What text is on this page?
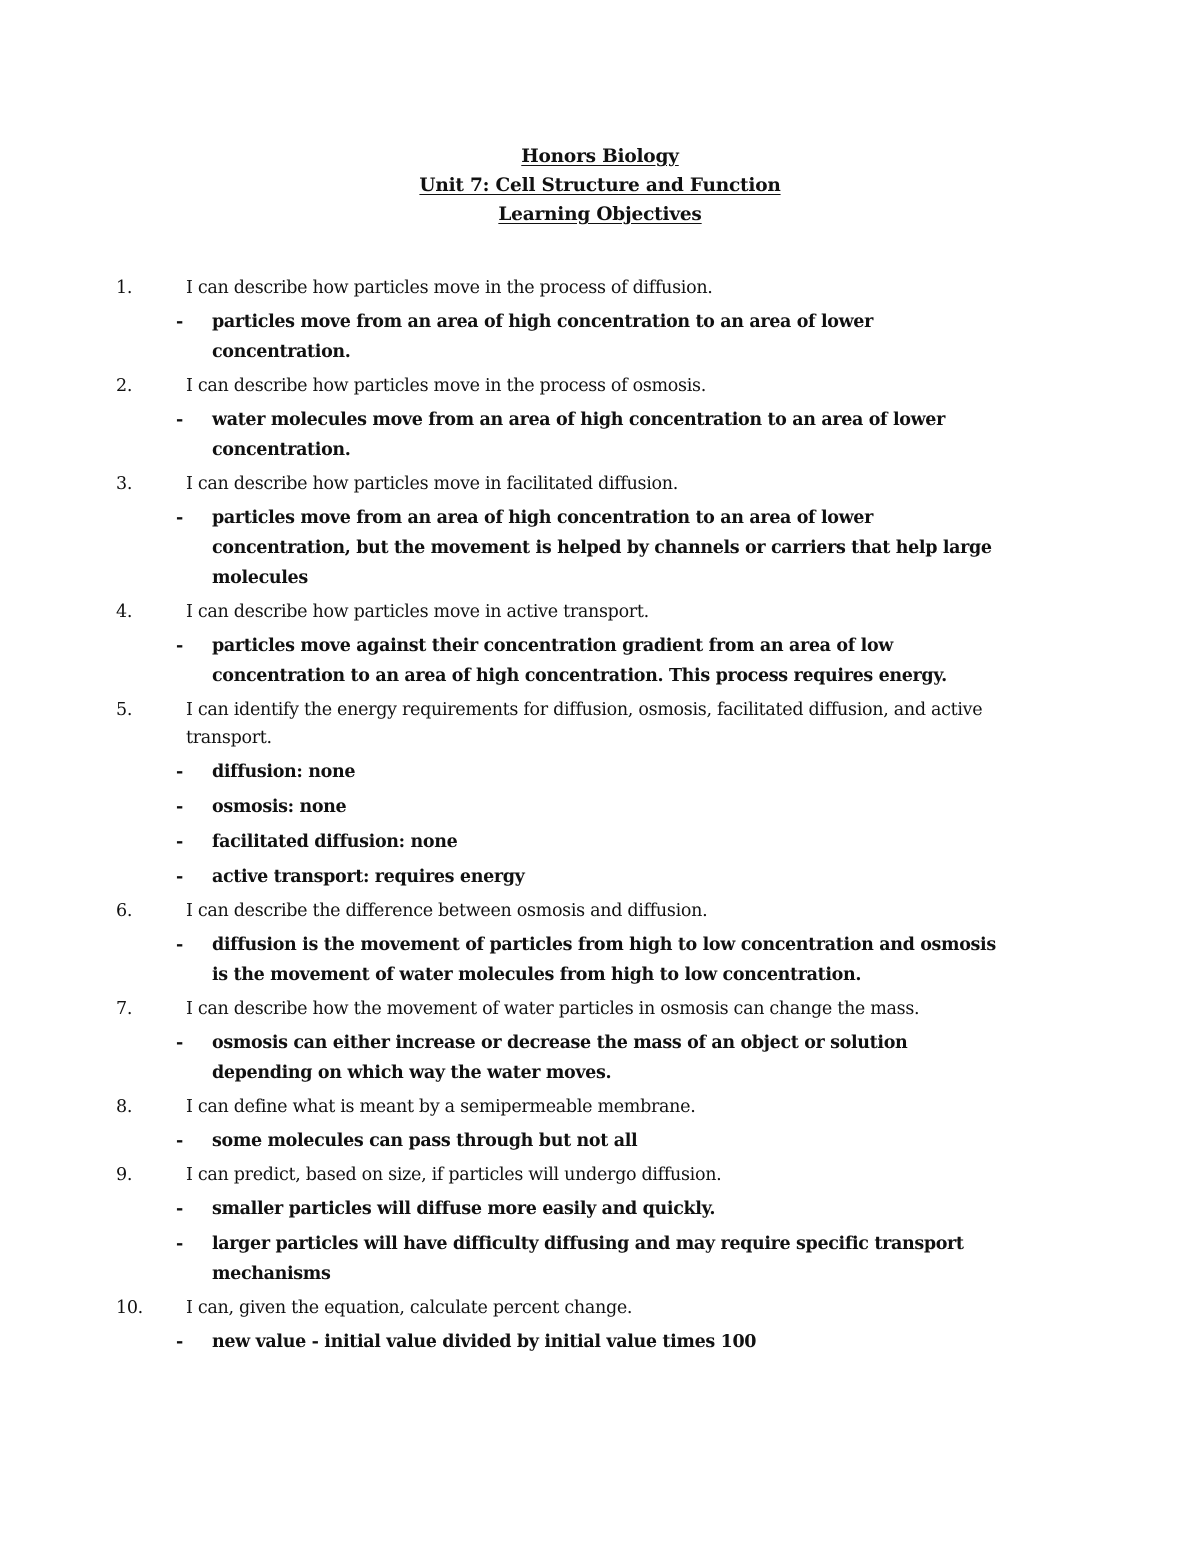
Honors Biology
Unit 7: Cell Structure and Function
Learning Objectives
1.	I can describe how particles move in the process of diffusion.
-	particles move from an area of high concentration to an area of lower concentration.
2.	I can describe how particles move in the process of osmosis.
-	water molecules move from an area of high concentration to an area of lower concentration.
3.	I can describe how particles move in facilitated diffusion.
-	particles move from an area of high concentration to an area of lower concentration, but the movement is helped by channels or carriers that help large molecules
4.	I can describe how particles move in active transport.
-	particles move against their concentration gradient from an area of low concentration to an area of high concentration. This process requires energy.
5.	I can identify the energy requirements for diffusion, osmosis, facilitated diffusion, and active transport.
-	diffusion: none
-	osmosis: none
-	facilitated diffusion: none
-	active transport: requires energy
6.	I can describe the difference between osmosis and diffusion.
-	diffusion is the movement of particles from high to low concentration and osmosis is the movement of water molecules from high to low concentration.
7.	I can describe how the movement of water particles in osmosis can change the mass.
-	osmosis can either increase or decrease the mass of an object or solution depending on which way the water moves.
8.	I can define what is meant by a semipermeable membrane.
-	some molecules can pass through but not all
9.	I can predict, based on size, if particles will undergo diffusion.
-	smaller particles will diffuse more easily and quickly.
-	larger particles will have difficulty diffusing and may require specific transport mechanisms
10.	I can, given the equation, calculate percent change.
-	new value - initial value divided by initial value times 100
